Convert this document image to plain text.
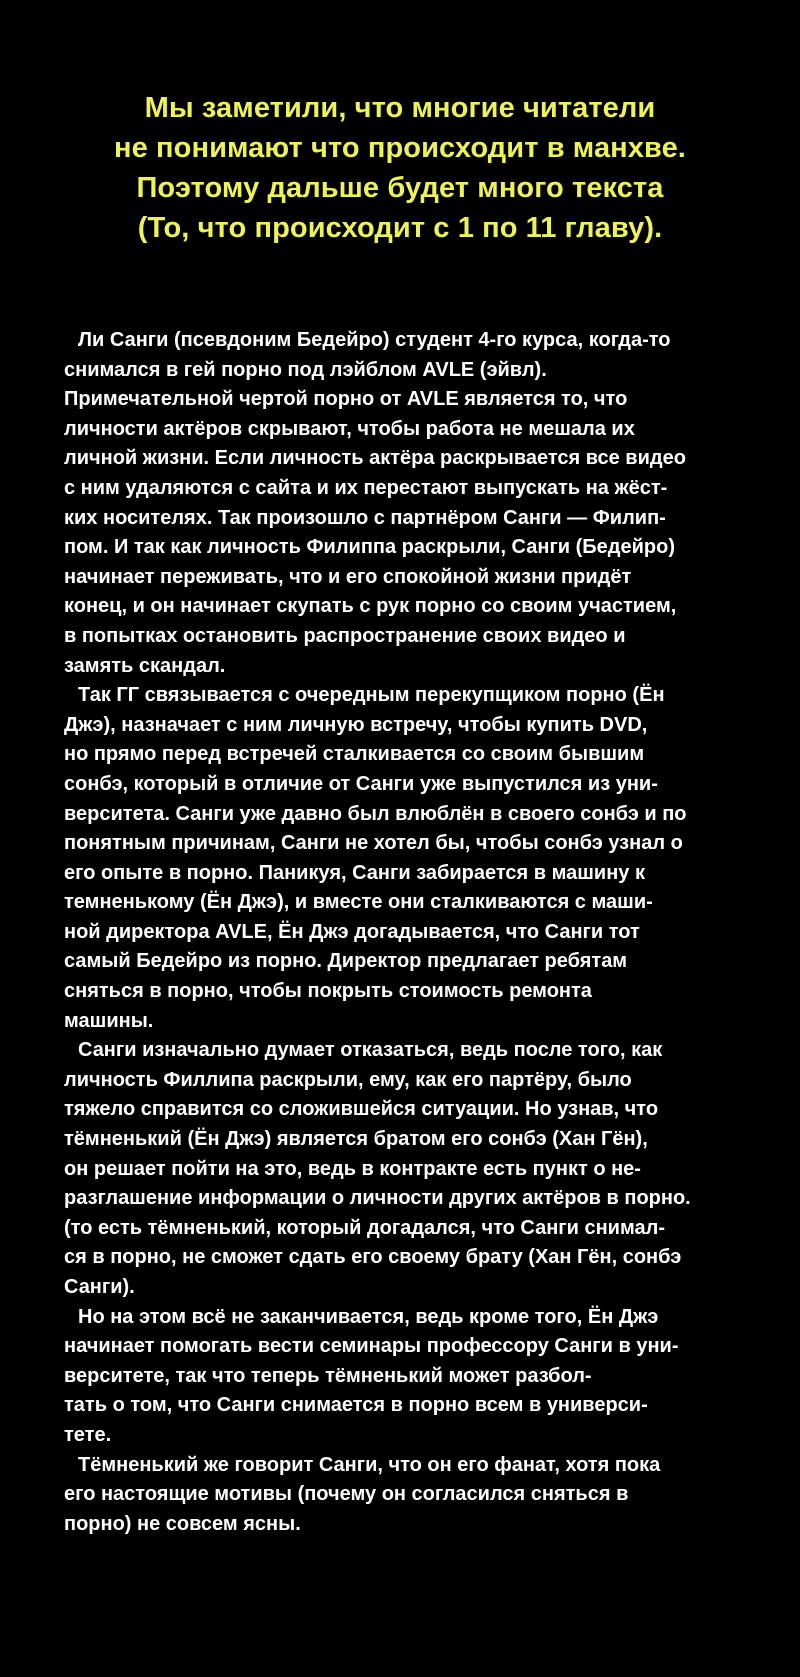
Мы заметили, что многие читатели
не понимают что происходит в манхве.
Поэтому дальше будет много текста
(То, что происходит с 1 по 11 главу).
Ли Санги (псевдоним Бедейро) студент 4-го курса, когда-то
снимался в гей порно под лэйблом AVLE (эйвл).
Примечательной чертой порно от AVLE является то, что
личности актёров скрывают, чтобы работа не мешала их
личной жизни. Если личность актёра раскрывается все видео
с ним удаляются с сайта и их перестают выпускать на жёст-
ких носителях. Так произошло с партнёром Санги — Филип-
пом. И так как личность Филиппа раскрыли, Санги (Бедейро)
начинает переживать, что и его спокойной жизни придёт
конец, и он начинает скупать с рук порно со своим участием,
в попытках остановить распространение своих видео и
замять скандал.
Так ГГ связывается с очередным перекупщиком порно (Ён
Джэ), назначает с ним личную встречу, чтобы купить DVD,
но прямо перед встречей сталкивается со своим бывшим
сонбэ, который в отличие от Санги уже выпустился из уни-
верситета. Санги уже давно был влюблён в своего сонбэ и по
понятным причинам, Санги не хотел бы, чтобы сонбэ узнал о
его опыте в порно. Паникуя, Санги забирается в машину к
темненькому (Ён Джэ), и вместе они сталкиваются с маши-
ной директора AVLE, Ён Джэ догадывается, что Санги тот
самый Бедейро из порно. Директор предлагает ребятам
сняться в порно, чтобы покрыть стоимость ремонта
машины.
Санги изначально думает отказаться, ведь после того, как
личность Филлипа раскрыли, ему, как его партёру, было
тяжело справится со сложившейся ситуации. Но узнав, что
тёмненький (Ён Джэ) является братом его сонбэ (Хан Гён),
он решает пойти на это, ведь в контракте есть пункт о не-
разглашение информации о личности других актёров в порно.
(то есть тёмненький, который догадался, что Санги снимал-
ся в порно, не сможет сдать его своему брату (Хан Гён, сонбэ
Санги).
Но на этом всё не заканчивается, ведь кроме того, Ён Джэ
начинает помогать вести семинары профессору Санги в уни-
верситете, так что теперь тёмненький может разбол-
тать о том, что Санги снимается в порно всем в универси-
тете.
Тёмненький же говорит Санги, что он его фанат, хотя пока
его настоящие мотивы (почему он согласился сняться в
порно) не совсем ясны.
